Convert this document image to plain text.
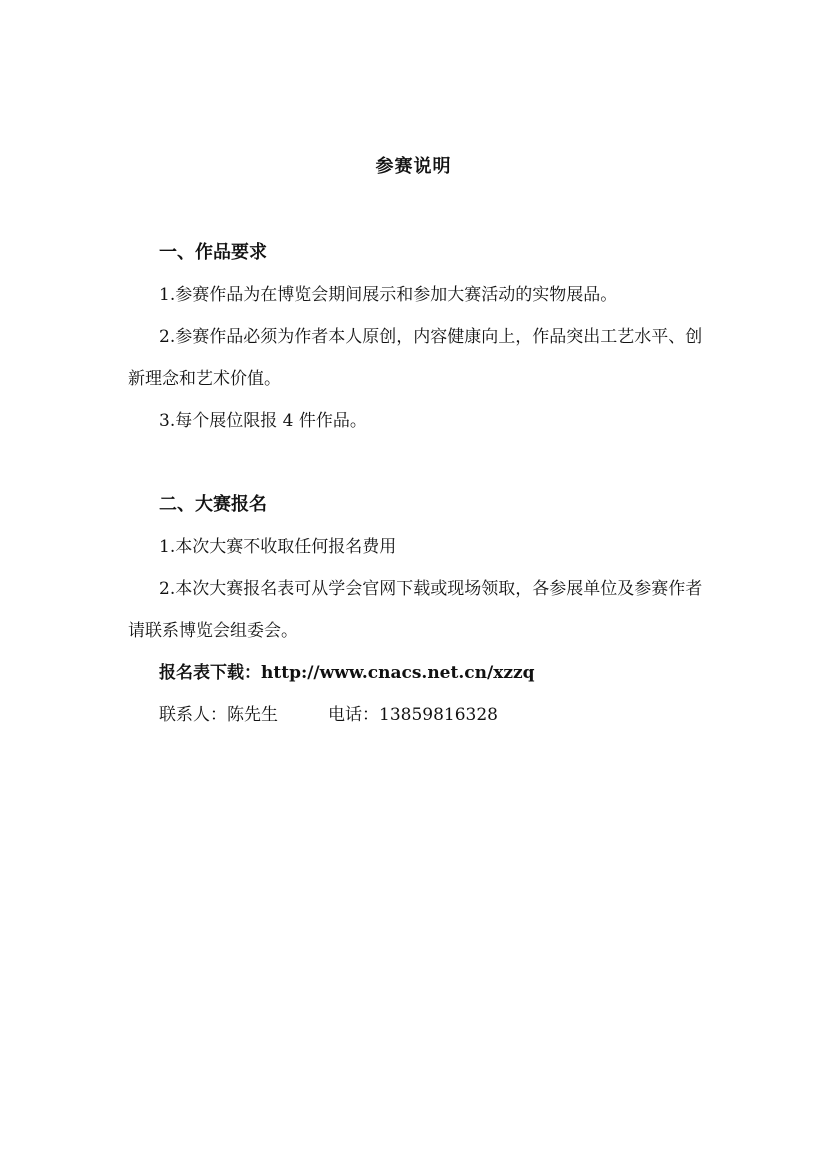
参赛说明

一、作品要求

1.参赛作品为在博览会期间展示和参加大赛活动的实物展品。

2.参赛作品必须为作者本人原创，内容健康向上，作品突出工艺水平、创新理念和艺术价值。

3.每个展位限报 4 件作品。

二、大赛报名

1.本次大赛不收取任何报名费用

2.本次大赛报名表可从学会官网下载或现场领取，各参展单位及参赛作者请联系博览会组委会。

报名表下载：http://www.cnacs.net.cn/xzzq

联系人：陈先生	电话：13859816328
